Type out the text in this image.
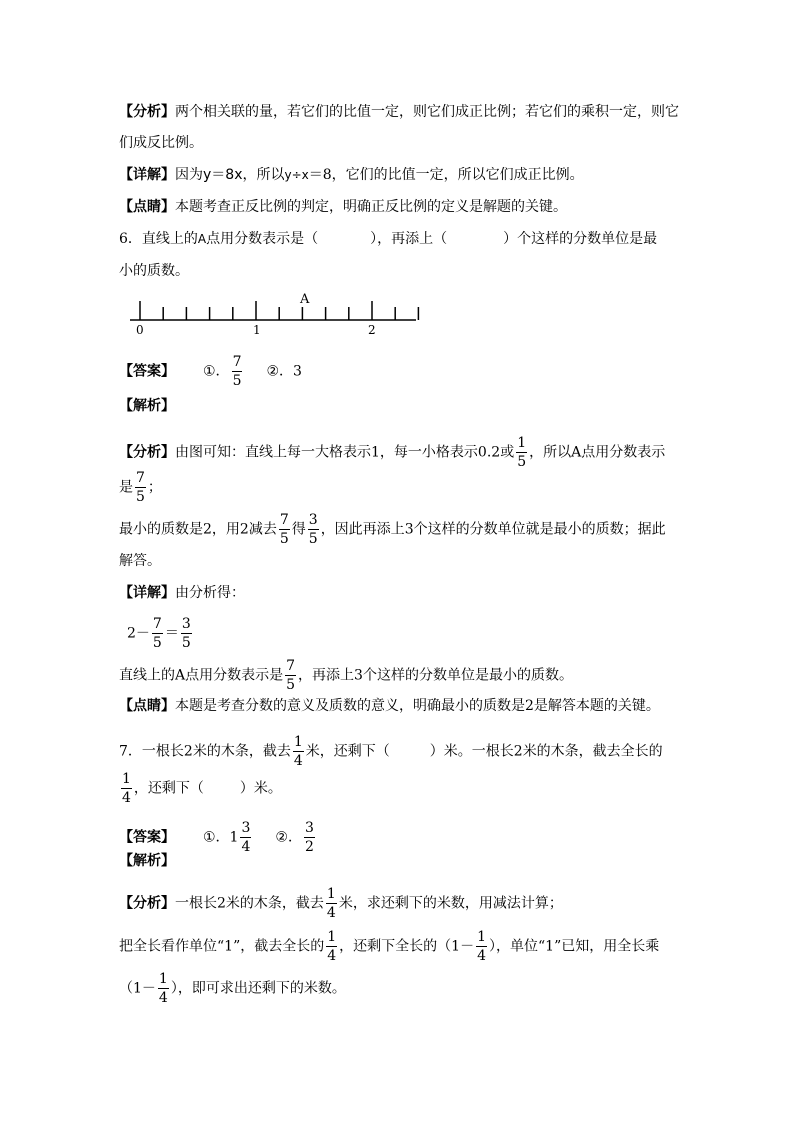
【分析】两个相关联的量，若它们的比值一定，则它们成正比例；若它们的乘积一定，则它
们成反比例。
【详解】因为y＝8x，所以y÷x＝8，它们的比值一定，所以它们成正比例。
【点睛】本题考查正反比例的判定，明确正反比例的定义是解题的关键。
6．直线上的A点用分数表示是（	），再添上（	）个这样的分数单位是最
小的质数。
A
0	1	2
【答案】 ①． $\frac{7}{5}$ ②．3
【解析】
【分析】由图可知：直线上每一大格表示1，每一小格表示0.2或 $\frac{1}{5}$ ，所以A点用分数表示
是 $\frac{7}{5}$ ；
最小的质数是2，用2减去 $\frac{7}{5}$ 得 $\frac{3}{5}$ ，因此再添上3个这样的分数单位就是最小的质数；据此
解答。
【详解】由分析得：
$2- \frac{7}{5} = \frac{3}{5}$
直线上的A点用分数表示是 $\frac{7}{5}$ ，再添上3个这样的分数单位是最小的质数。
【点睛】本题是考查分数的意义及质数的意义，明确最小的质数是2是解答本题的关键。
7．一根长2米的木条，截去 $\frac{1}{4}$ 米，还剩下（	）米。一根长2米的木条，截去全长的
$\frac{1}{4}$ ，还剩下（	）米。
【答案】 ①．$1 \frac{3}{4}$ ②． $\frac{3}{2}$
【解析】
【分析】一根长2米的木条，截去 $\frac{1}{4}$ 米，求还剩下的米数，用减法计算；
把全长看作单位“1”，截去全长的 $\frac{1}{4}$ ，还剩下全长的（$1- \frac{1}{4}$ ），单位“1”已知，用全长乘
（$1- \frac{1}{4}$ ），即可求出还剩下的米数。
